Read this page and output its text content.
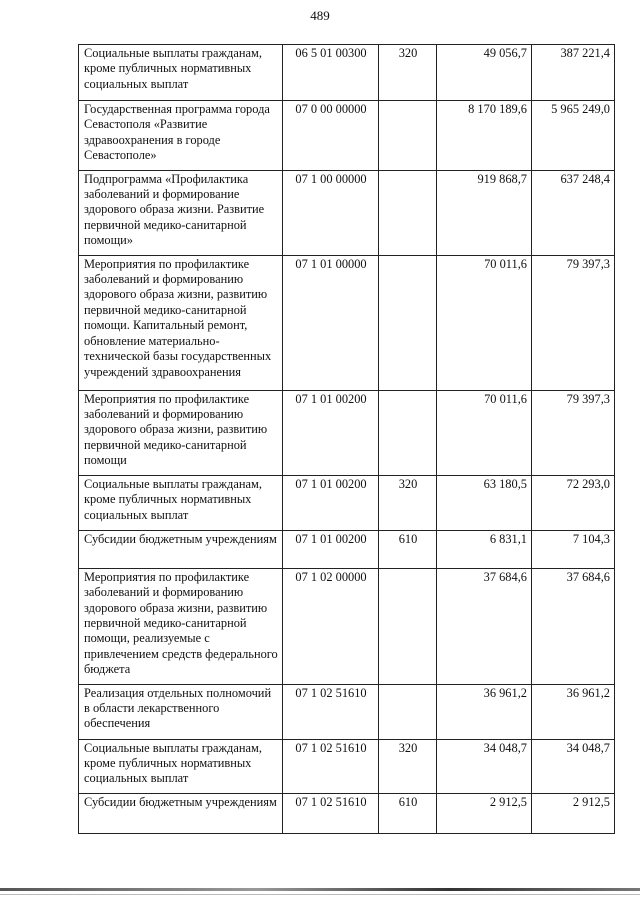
489
Социальные выплаты гражданам, кроме публичных нормативных социальных выплат	06 5 01 00300	320	49 056,7	387 221,4
Государственная программа города Севастополя «Развитие здравоохранения в городе Севастополе»	07 0 00 00000		8 170 189,6	5 965 249,0
Подпрограмма «Профилактика заболеваний и формирование здорового образа жизни. Развитие первичной медико-санитарной помощи»	07 1 00 00000		919 868,7	637 248,4
Мероприятия по профилактике заболеваний и формированию здорового образа жизни, развитию первичной медико-санитарной помощи. Капитальный ремонт, обновление материально-технической базы государственных учреждений здравоохранения	07 1 01 00000		70 011,6	79 397,3
Мероприятия по профилактике заболеваний и формированию здорового образа жизни, развитию первичной медико-санитарной помощи	07 1 01 00200		70 011,6	79 397,3
Социальные выплаты гражданам, кроме публичных нормативных социальных выплат	07 1 01 00200	320	63 180,5	72 293,0
Субсидии бюджетным учреждениям	07 1 01 00200	610	6 831,1	7 104,3
Мероприятия по профилактике заболеваний и формированию здорового образа жизни, развитию первичной медико-санитарной помощи, реализуемые с привлечением средств федерального бюджета	07 1 02 00000		37 684,6	37 684,6
Реализация отдельных полномочий в области лекарственного обеспечения	07 1 02 51610		36 961,2	36 961,2
Социальные выплаты гражданам, кроме публичных нормативных социальных выплат	07 1 02 51610	320	34 048,7	34 048,7
Субсидии бюджетным учреждениям	07 1 02 51610	610	2 912,5	2 912,5
